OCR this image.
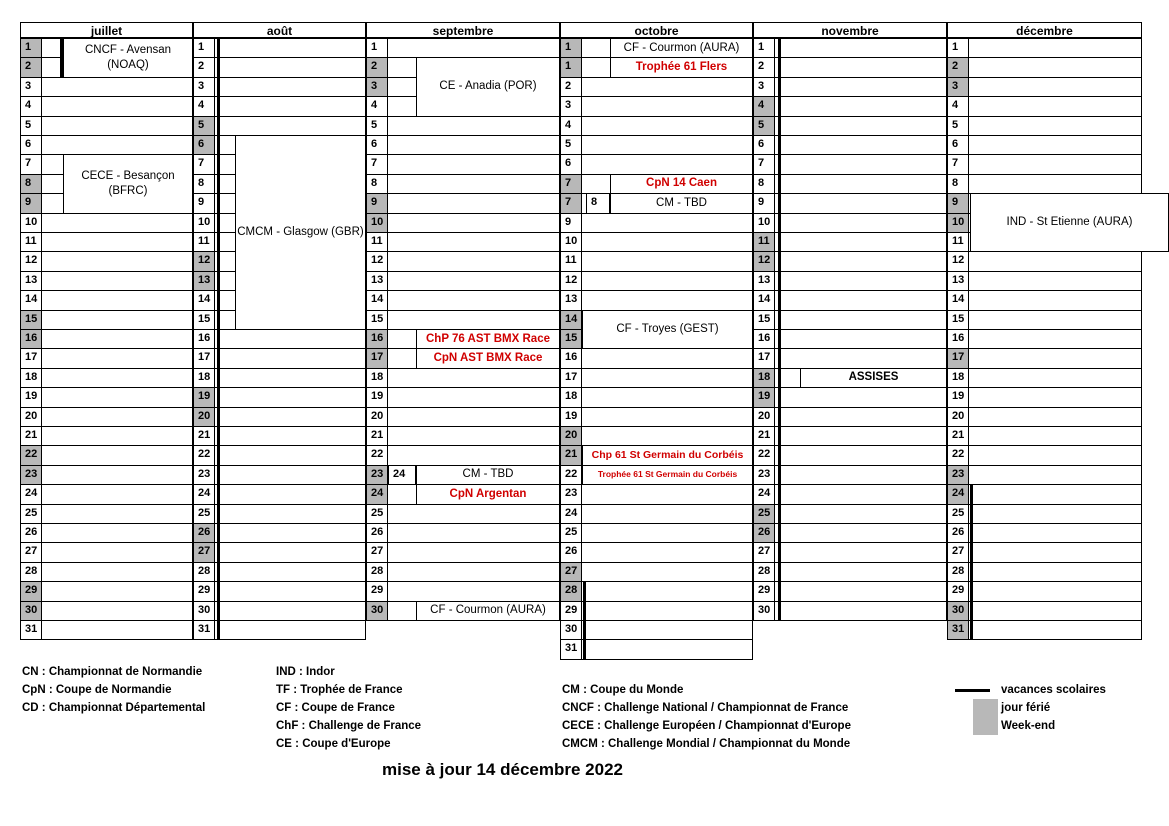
juillet
1
2
3
4
5
6
7
8
9
10
11
12
13
14
15
16
17
18
19
20
21
22
23
24
25
26
27
28
29
30
31
août
1
2
3
4
5
6
7
8
9
10
11
12
13
14
15
16
17
18
19
20
21
22
23
24
25
26
27
28
29
30
31
septembre
1
2
3
4
5
6
7
8
9
10
11
12
13
14
15
16
17
18
19
20
21
22
23
24
25
26
27
28
29
30
octobre
1
1
2
3
4
5
6
7
7
9
10
11
12
13
14
15
16
17
18
19
20
21
22
23
24
25
26
27
28
29
30
31
novembre
1
2
3
4
5
6
7
8
9
10
11
12
13
14
15
16
17
18
19
20
21
22
23
24
25
26
27
28
29
30
décembre
1
2
3
4
5
6
7
8
9
10
11
12
13
14
15
16
17
18
19
20
21
22
23
24
25
26
27
28
29
30
31
24
8
CNCF - Avensan
(NOAQ)
CECE - Besançon
(BFRC)
CMCM - Glasgow (GBR)
CE - Anadia (POR)
ChP 76 AST BMX Race
CpN AST BMX Race
CM - TBD
CpN Argentan
CF - Courmon (AURA)
CF - Courmon (AURA)
Trophée 61 Flers
CpN 14 Caen
CM - TBD
CF - Troyes (GEST)
Chp 61 St Germain du Corbéis
Trophée 61 St Germain du Corbéis
ASSISES
IND - St Etienne (AURA)
CN : Championnat de Normandie
CpN : Coupe de Normandie
CD : Championnat Départemental
IND : Indor
TF : Trophée de France
CF : Coupe de France
ChF : Challenge de France
CE : Coupe d'Europe
CM : Coupe du Monde
CNCF : Challenge National / Championnat de France
CECE : Challenge Européen / Championnat d'Europe
CMCM : Challenge Mondial / Championnat du Monde
vacances scolaires
jour férié
Week-end
mise à jour 14 décembre 2022
